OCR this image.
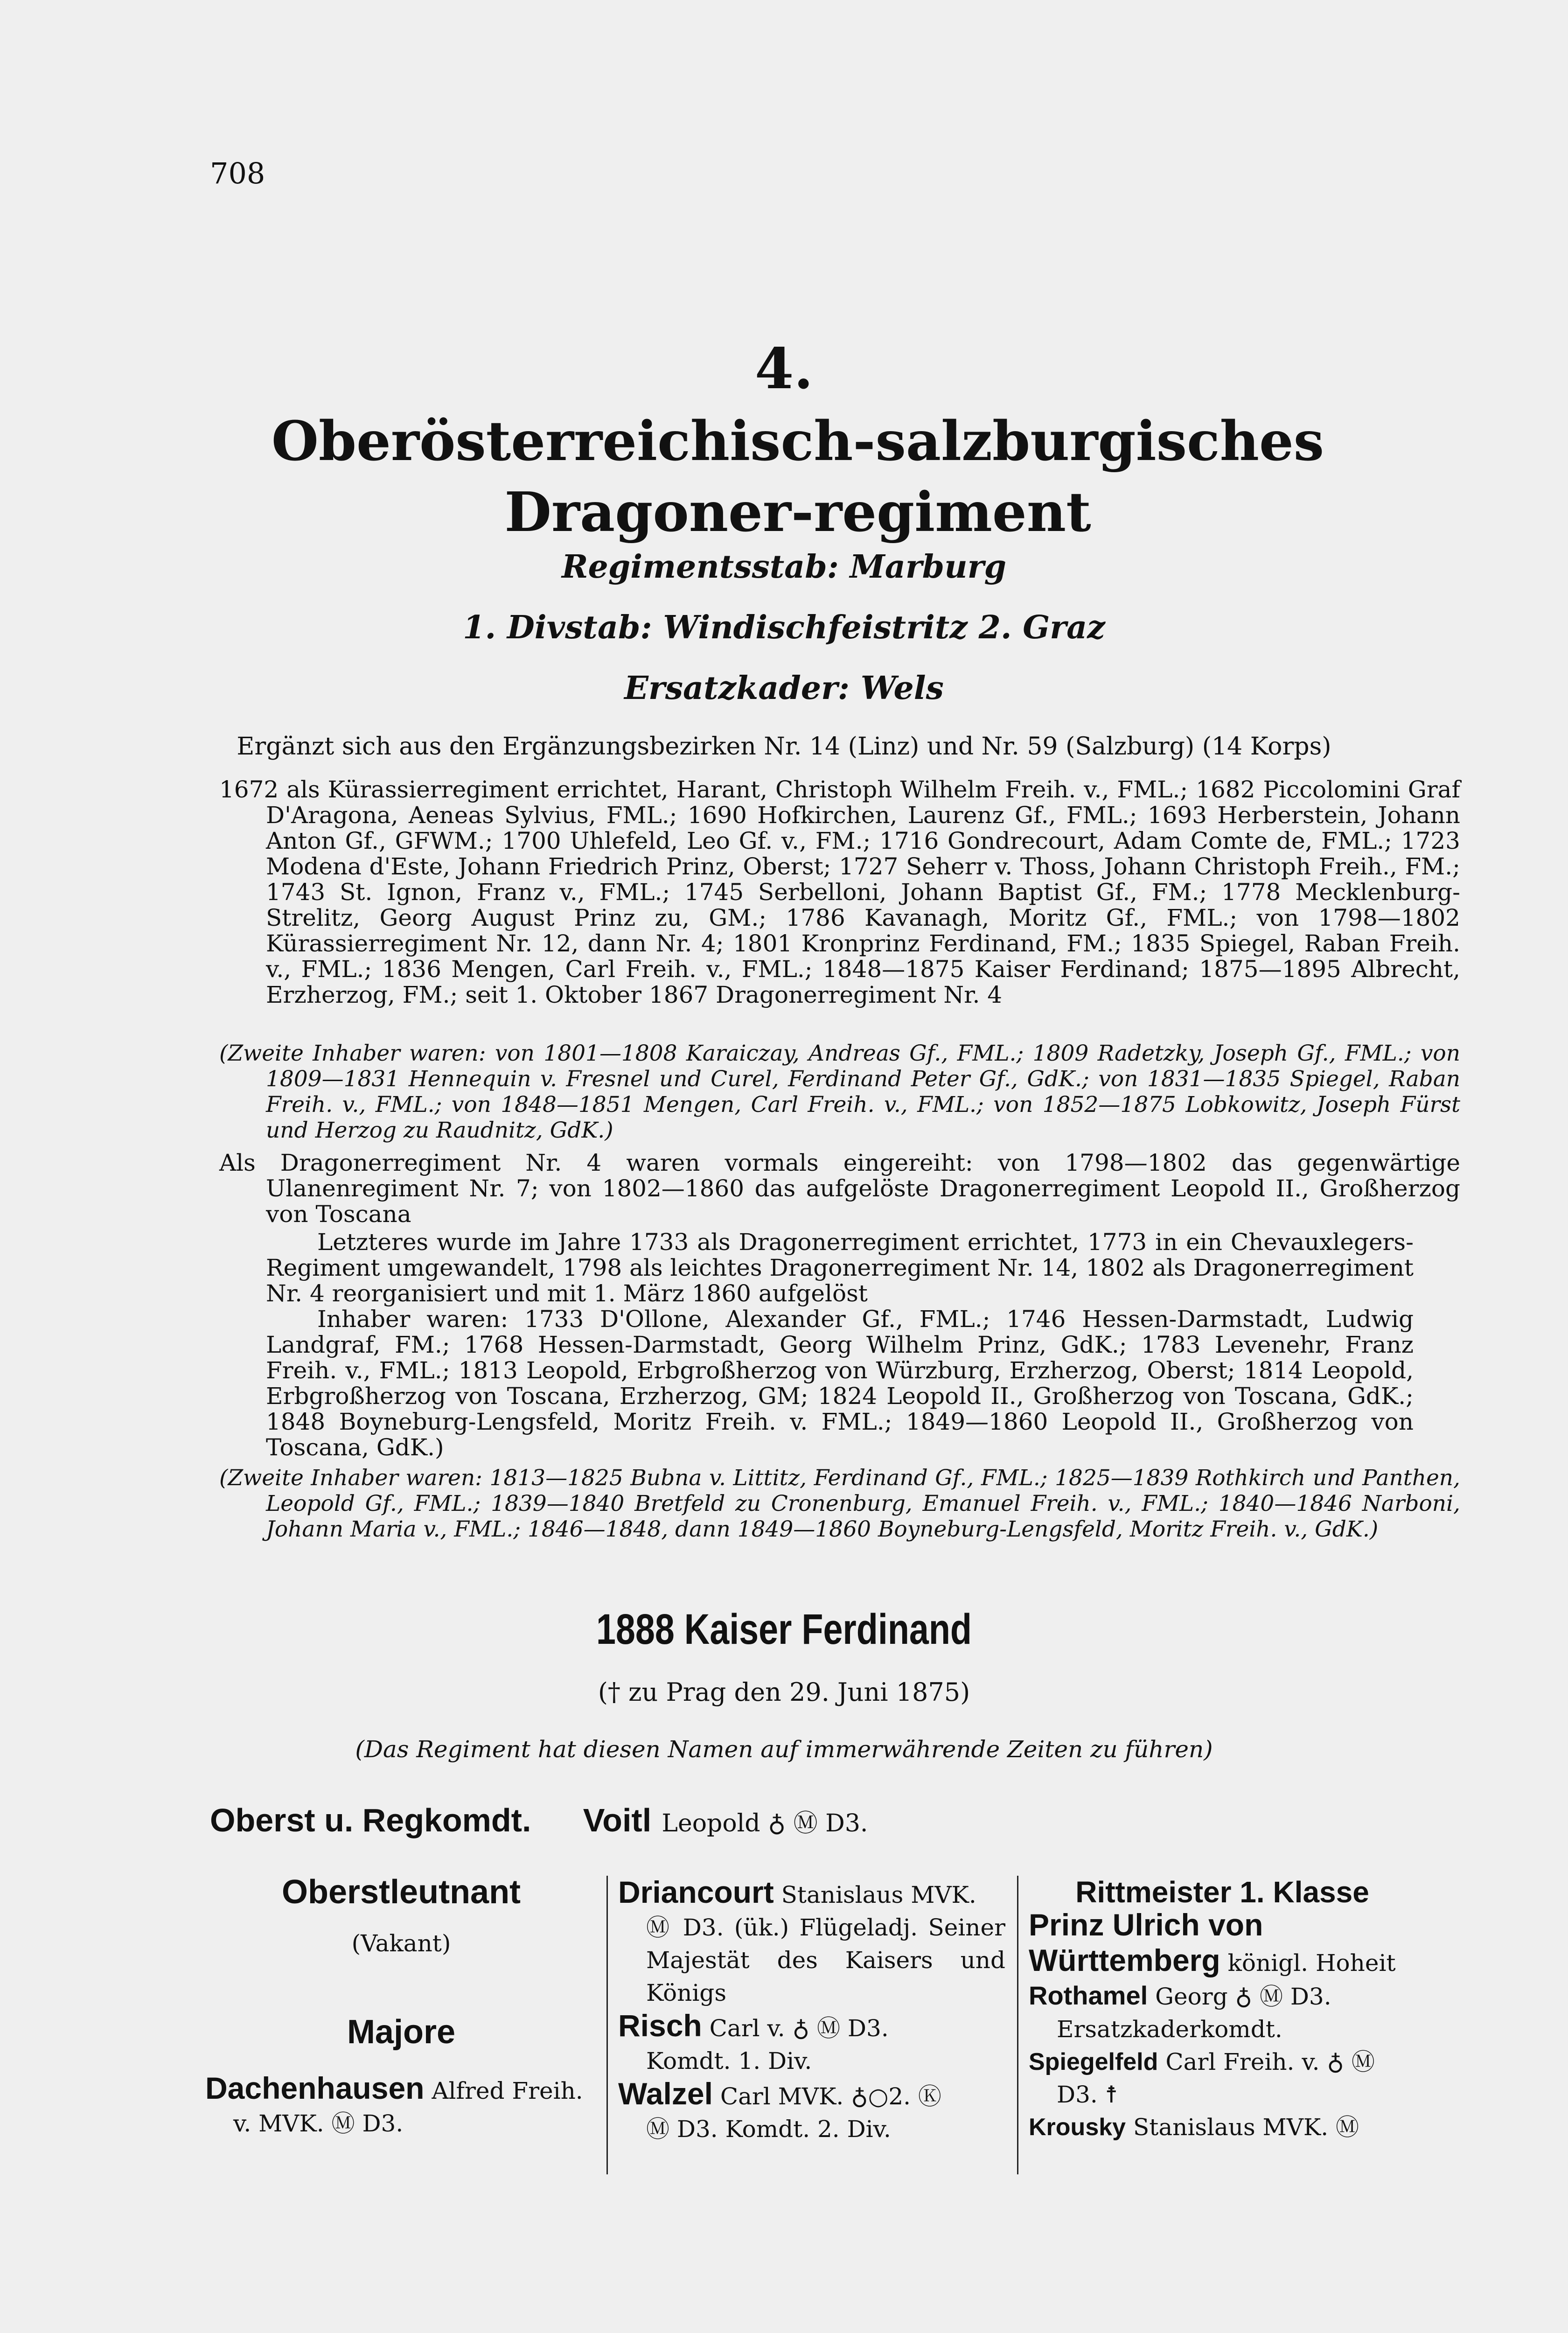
708
4.
Oberösterreichisch-salzburgisches Dragoner-regiment
Regimentsstab: Marburg
1. Divstab: Windischfeistritz 2. Graz
Ersatzkader: Wels
Ergänzt sich aus den Ergänzungsbezirken Nr. 14 (Linz) und Nr. 59 (Salzburg) (14 Korps)

1672 als Kürassierregiment errichtet, Harant, Christoph Wilhelm Freih. v., FML.; 1682 Piccolomini Graf D'Aragona, Aeneas Sylvius, FML.; 1690 Hofkirchen, Laurenz Gf., FML.; 1693 Herberstein, Johann Anton Gf., GFWM.; 1700 Uhlefeld, Leo Gf. v., FM.; 1716 Gondrecourt, Adam Comte de, FML.; 1723 Modena d'Este, Johann Friedrich Prinz, Oberst; 1727 Seherr v. Thoss, Johann Christoph Freih., FM.; 1743 St. Ignon, Franz v., FML.; 1745 Serbelloni, Johann Baptist Gf., FM.; 1778 Mecklenburg-Strelitz, Georg August Prinz zu, GM.; 1786 Kavanagh, Moritz Gf., FML.; von 1798—1802 Kürassierregiment Nr. 12, dann Nr. 4; 1801 Kronprinz Ferdinand, FM.; 1835 Spiegel, Raban Freih. v., FML.; 1836 Mengen, Carl Freih. v., FML.; 1848—1875 Kaiser Ferdinand; 1875—1895 Albrecht, Erzherzog, FM.; seit 1. Oktober 1867 Dragonerregiment Nr. 4

(Zweite Inhaber waren: von 1801—1808 Karaiczay, Andreas Gf., FML.; 1809 Radetzky, Joseph Gf., FML.; von 1809—1831 Hennequin v. Fresnel und Curel, Ferdinand Peter Gf., GdK.; von 1831—1835 Spiegel, Raban Freih. v., FML.; von 1848—1851 Mengen, Carl Freih. v., FML.; von 1852—1875 Lobkowitz, Joseph Fürst und Herzog zu Raudnitz, GdK.)

Als Dragonerregiment Nr. 4 waren vormals eingereiht: von 1798—1802 das gegenwärtige Ulanenregiment Nr. 7; von 1802—1860 das aufgelöste Dragonerregiment Leopold II., Großherzog von Toscana

Letzteres wurde im Jahre 1733 als Dragonerregiment errichtet, 1773 in ein Chevauxlegers-Regiment umgewandelt, 1798 als leichtes Dragonerregiment Nr. 14, 1802 als Dragonerregiment Nr. 4 reorganisiert und mit 1. März 1860 aufgelöst

Inhaber waren: 1733 D'Ollone, Alexander Gf., FML.; 1746 Hessen-Darmstadt, Ludwig Landgraf, FM.; 1768 Hessen-Darmstadt, Georg Wilhelm Prinz, GdK.; 1783 Levenehr, Franz Freih. v., FML.; 1813 Leopold, Erbgroßherzog von Würzburg, Erzherzog, Oberst; 1814 Leopold, Erbgroßherzog von Toscana, Erzherzog, GM; 1824 Leopold II., Großherzog von Toscana, GdK.; 1848 Boyneburg-Lengsfeld, Moritz Freih. v. FML.; 1849—1860 Leopold II., Großherzog von Toscana, GdK.)

(Zweite Inhaber waren: 1813—1825 Bubna v. Littitz, Ferdinand Gf., FML.; 1825—1839 Rothkirch und Panthen, Leopold Gf., FML.; 1839—1840 Bretfeld zu Cronenburg, Emanuel Freih. v., FML.; 1840—1846 Narboni, Johann Maria v., FML.; 1846—1848, dann 1849—1860 Boyneburg-Lengsfeld, Moritz Freih. v., GdK.)

1888 Kaiser Ferdinand
(† zu Prag den 29. Juni 1875)
(Das Regiment hat diesen Namen auf immerwährende Zeiten zu führen)
Oberst u. Regkomdt. Voitl Leopold ♁ Ⓜ D3.
Oberstleutnant
(Vakant)
Majore
Dachenhausen Alfred Freih.
v. MVK. Ⓜ D3.
Driancourt Stanislaus MVK.
Ⓜ D3. (ük.) Flügeladj. Seiner Majestät des Kaisers und Königs
Risch Carl v. ♁ Ⓜ D3.
Komdt. 1. Div.
Walzel Carl MVK. ♁○2. Ⓚ
Ⓜ D3. Komdt. 2. Div.
Rittmeister 1. Klasse
Prinz Ulrich von Württemberg königl. Hoheit
Rothamel Georg ♁ Ⓜ D3.
Ersatzkaderkomdt.
Spiegelfeld Carl Freih. v. ♁ Ⓜ
D3. ☨
Krousky Stanislaus MVK. Ⓜ
